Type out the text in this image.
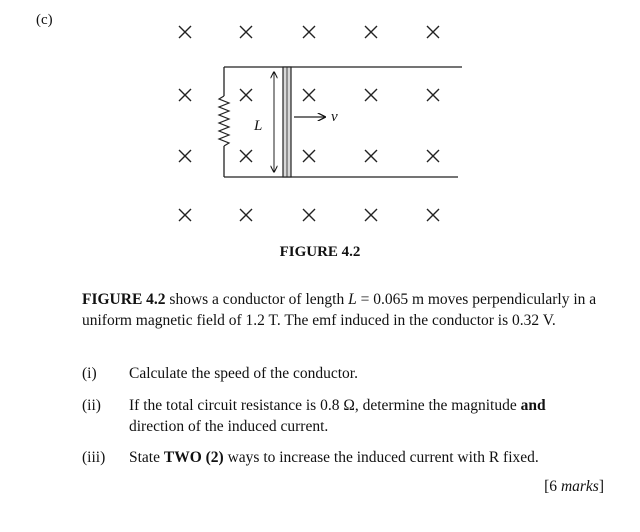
(c)
L
v
FIGURE 4.2
FIGURE 4.2 shows a conductor of length L = 0.065 m moves perpendicularly in a uniform magnetic field of 1.2 T. The emf induced in the conductor is 0.32 V.
(i) Calculate the speed of the conductor.
(ii) If the total circuit resistance is 0.8 Ω, determine the magnitude and direction of the induced current.
(iii) State TWO (2) ways to increase the induced current with R fixed.
[6 marks]
